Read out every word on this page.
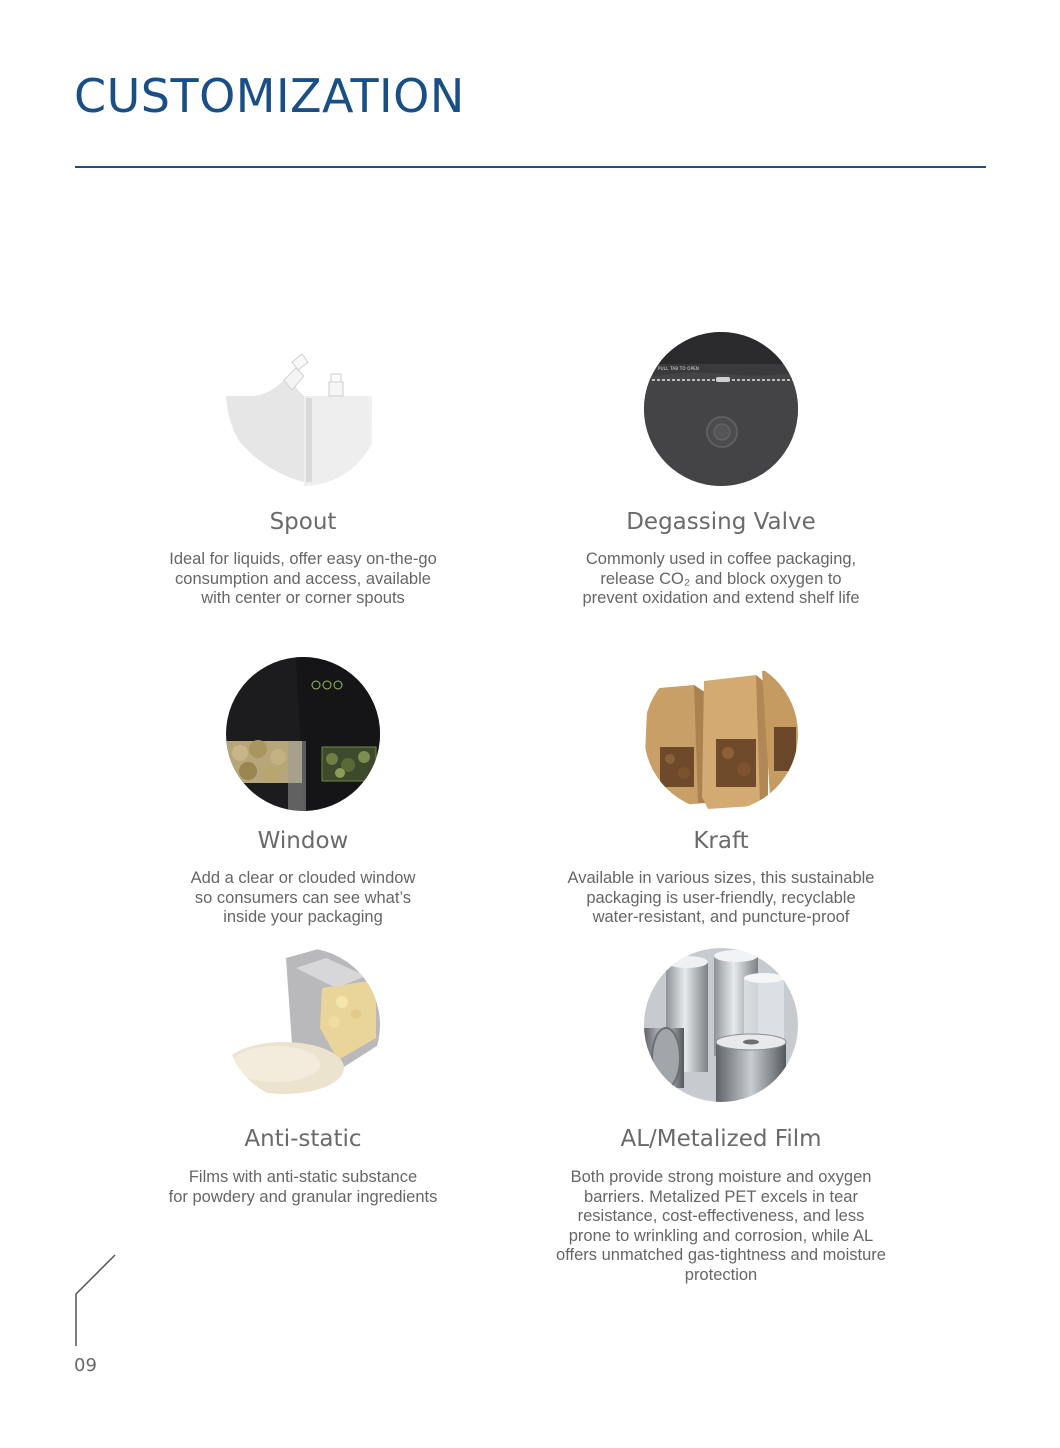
CUSTOMIZATION
Spout
Ideal for liquids, offer easy on-the-go
consumption and access, available
with center or corner spouts
PULL TAB TO OPEN
Degassing Valve
Commonly used in coffee packaging,
release CO₂ and block oxygen to
prevent oxidation and extend shelf life
Window
Add a clear or clouded window
so consumers can see what’s
inside your packaging
Kraft
Available in various sizes, this sustainable
packaging is user-friendly, recyclable
water-resistant, and puncture-proof
Anti-static
Films with anti-static substance
for powdery and granular ingredients
AL/Metalized Film
Both provide strong moisture and oxygen
barriers. Metalized PET excels in tear
resistance, cost-effectiveness, and less
prone to wrinkling and corrosion, while AL
offers unmatched gas-tightness and moisture
protection
09
